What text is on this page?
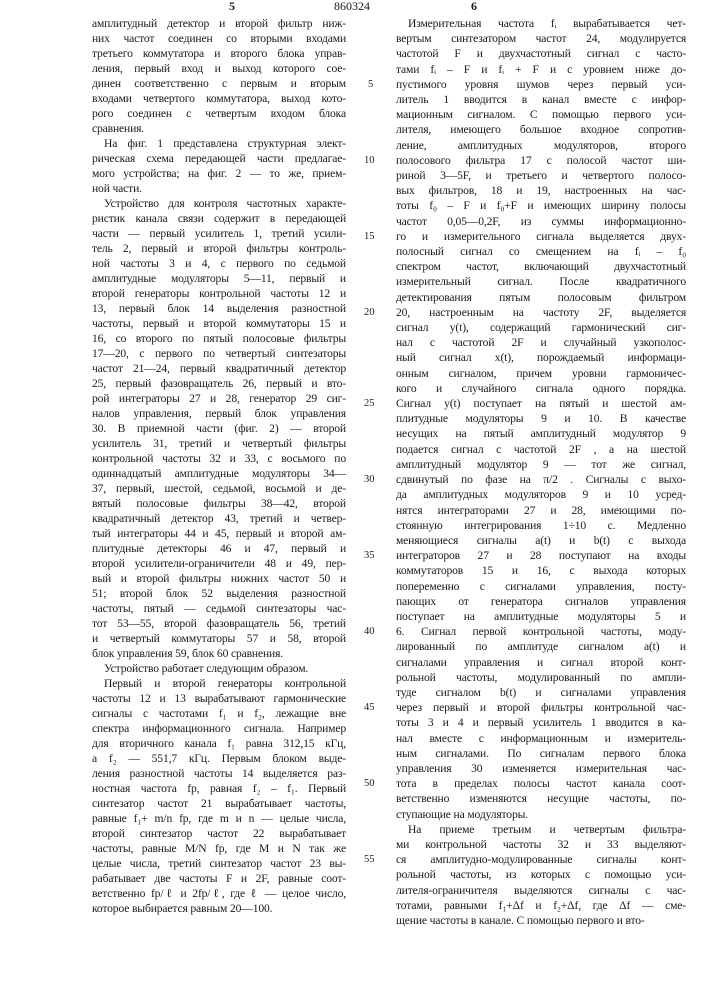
5	860324	6
амплитудный детектор и второй фильтр ниж-
них частот соединен со вторыми входами
третьего коммутатора и второго блока управ-
ления, первый вход и выход которого сое-
динен соответственно с первым и вторым
входами четвертого коммутатора, выход кото-
рого соединен с четвертым входом блока
сравнения.
На фиг. 1 представлена структурная элект-
рическая схема передающей части предлагае-
мого устройства; на фиг. 2 — то же, прием-
ной части.
Устройство для контроля частотных характе-
ристик канала связи содержит в передающей
части — первый усилитель 1, третий усили-
тель 2, первый и второй фильтры контроль-
ной частоты 3 и 4, с первого по седьмой
амплитудные модуляторы 5—11, первый и
второй генераторы контрольной частоты 12 и
13, первый блок 14 выделения разностной
частоты, первый и второй коммутаторы 15 и
16, со второго по пятый полосовые фильтры
17—20, с первого по четвертый синтезаторы
частот 21—24, первый квадратичный детектор
25, первый фазовращатель 26, первый и вто-
рой интеграторы 27 и 28, генератор 29 сиг-
налов управления, первый блок управления
30. В приемной части (фиг. 2) — второй
усилитель 31, третий и четвертый фильтры
контрольной частоты 32 и 33, с восьмого по
одиннадцатый амплитудные модуляторы 34—
37, первый, шестой, седьмой, восьмой и де-
вятый полосовые фильтры 38—42, второй
квадратичный детектор 43, третий и четвер-
тый интеграторы 44 и 45, первый и второй ам-
плитудные детекторы 46 и 47, первый и
второй усилители-ограничители 48 и 49, пер-
вый и второй фильтры нижних частот 50 и
51; второй блок 52 выделения разностной
частоты, пятый — седьмой синтезаторы час-
тот 53—55, второй фазовращатель 56, третий
и четвертый коммутаторы 57 и 58, второй
блок управления 59, блок 60 сравнения.
Устройство работает следующим образом.
Первый и второй генераторы контрольной
частоты 12 и 13 вырабатывают гармонические
сигналы с частотами f₁ и f₂, лежащие вне
спектра информационного сигнала. Например
для вторичного канала f₁ равна 312,15 кГц,
а f₂ — 551,7 кГц. Первым блоком выде-
ления разностной частоты 14 выделяется раз-
ностная частота fр, равная f₂ – f₁. Первый
синтезатор частот 21 вырабатывает частоты,
равные f₁+ m/n fр, где m и n — целые числа,
второй синтезатор частот 22 вырабатывает
частоты, равные M/N fр, где M и N так же
целые числа, третий синтезатор частот 23 вы-
рабатывает две частоты F и 2F, равные соот-
ветственно fр/ℓ и 2fр/ℓ, где ℓ — целое число,
которое выбирается равным 20—100.
Измерительная частота fᵢ вырабатывается чет-
вертым синтезатором частот 24, модулируется
частотой F и двухчастотный сигнал с часто-
тами fᵢ – F и fᵢ + F и с уровнем ниже до-
пустимого уровня шумов через первый уси-
литель 1 вводится в канал вместе с инфор-
мационным сигналом. С помощью первого уси-
лителя, имеющего большое входное сопротив-
ление, амплитудных модуляторов, второго
полосового фильтра 17 с полосой частот ши-
риной 3—5F, и третьего и четвертого полосо-
вых фильтров, 18 и 19, настроенных на час-
тоты f₀ – F и f₀+F и имеющих ширину полосы
частот 0,05—0,2F, из суммы информационно-
го и измерительного сигнала выделяется двух-
полосный сигнал со смещением на fᵢ – f₀
спектром частот, включающий двухчастотный
измерительный сигнал. После квадратичного
детектирования пятым полосовым фильтром
20, настроенным на частоту 2F, выделяется
сигнал y(t), содержащий гармонический сиг-
нал с частотой 2F и случайный узкополос-
ный сигнал x(t), порождаемый информаци-
онным сигналом, причем уровни гармоничес-
кого и случайного сигнала одного порядка.
Сигнал y(t) поступает на пятый и шестой ам-
плитудные модуляторы 9 и 10. В качестве
несущих на пятый амплитудный модулятор 9
подается сигнал с частотой 2F , а на шестой
амплитудный модулятор 9 — тот же сигнал,
сдвинутый по фазе на π/2 . Сигналы с выхо-
да амплитудных модуляторов 9 и 10 усред-
нятся интеграторами 27 и 28, имеющими по-
стоянную интегрирования 1÷10 с. Медленно
меняющиеся сигналы a(t) и b(t) с выхода
интеграторов 27 и 28 поступают на входы
коммутаторов 15 и 16, с выхода которых
попеременно с сигналами управления, посту-
пающих от генератора сигналов управления
поступает на амплитудные модуляторы 5 и
6. Сигнал первой контрольной частоты, моду-
лированный по амплитуде сигналом a(t) и
сигналами управления и сигнал второй конт-
рольной частоты, модулированный по ампли-
туде сигналом b(t) и сигналами управления
через первый и второй фильтры контрольной час-
тоты 3 и 4 и первый усилитель 1 вводится в ка-
нал вместе с информационным и измеритель-
ным сигналами. По сигналам первого блока
управления 30 изменяется измерительная час-
тота в пределах полосы частот канала соот-
ветственно изменяются несущие частоты, по-
ступающие на модуляторы.
На приеме третьим и четвертым фильтра-
ми контрольной частоты 32 и 33 выделяют-
ся амплитудно-модулированные сигналы конт-
рольной частоты, из которых с помощью уси-
лителя-ограничителя выделяются сигналы с час-
тотами, равными f₁+Δf и f₂+Δf, где Δf — сме-
щение частоты в канале. С помощью первого и вто-
5
10
15
20
25
30
35
40
45
50
55
